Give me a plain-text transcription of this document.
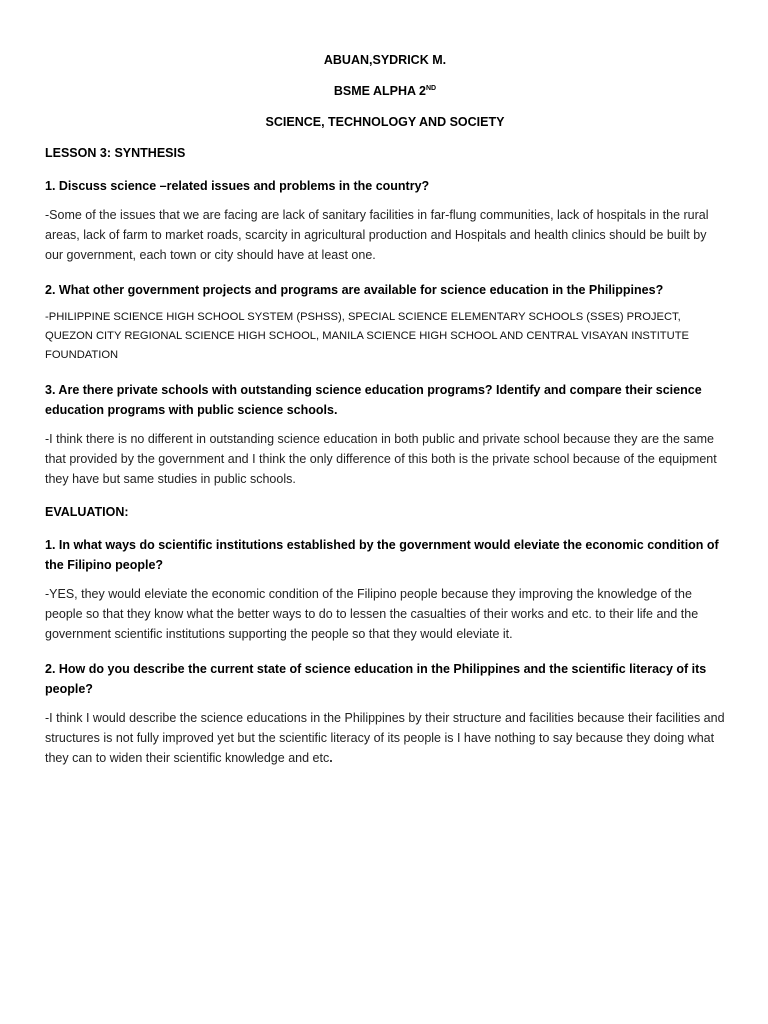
ABUAN,SYDRICK M.
BSME ALPHA 2ND
SCIENCE, TECHNOLOGY AND SOCIETY
LESSON 3: SYNTHESIS
1. Discuss science –related issues and problems in the country?
-Some of the issues that we are facing are lack of sanitary facilities in far-flung communities, lack of hospitals in the rural areas, lack of farm to market roads, scarcity in agricultural production and Hospitals and health clinics should be built by our government, each town or city should have at least one.
2. What other government projects and programs are available for science education in the Philippines?
-PHILIPPINE SCIENCE HIGH SCHOOL SYSTEM (PSHSS), SPECIAL SCIENCE ELEMENTARY SCHOOLS (SSES) PROJECT, QUEZON CITY REGIONAL SCIENCE HIGH SCHOOL, MANILA SCIENCE HIGH SCHOOL AND CENTRAL VISAYAN INSTITUTE FOUNDATION
3. Are there private schools with outstanding science education programs? Identify and compare their science education programs with public science schools.
-I think there is no different in outstanding science education in both public and private school because they are the same that provided by the government and I think the only difference of this both is the private school because of the equipment they have but same studies in public schools.
EVALUATION:
1. In what ways do scientific institutions established by the government would eleviate the economic condition of the Filipino people?
-YES, they would eleviate the economic condition of the Filipino people because they improving the knowledge of the people so that they know what the better ways to do to lessen the casualties of their works and etc. to their life and the government scientific institutions supporting the people so that they would eleviate it.
2. How do you describe the current state of science education in the Philippines and the scientific literacy of its people?
-I think I would describe the science educations in the Philippines by their structure and facilities because their facilities and structures is not fully improved yet but the scientific literacy of its people is I have nothing to say because they doing what they can to widen their scientific knowledge and etc.
